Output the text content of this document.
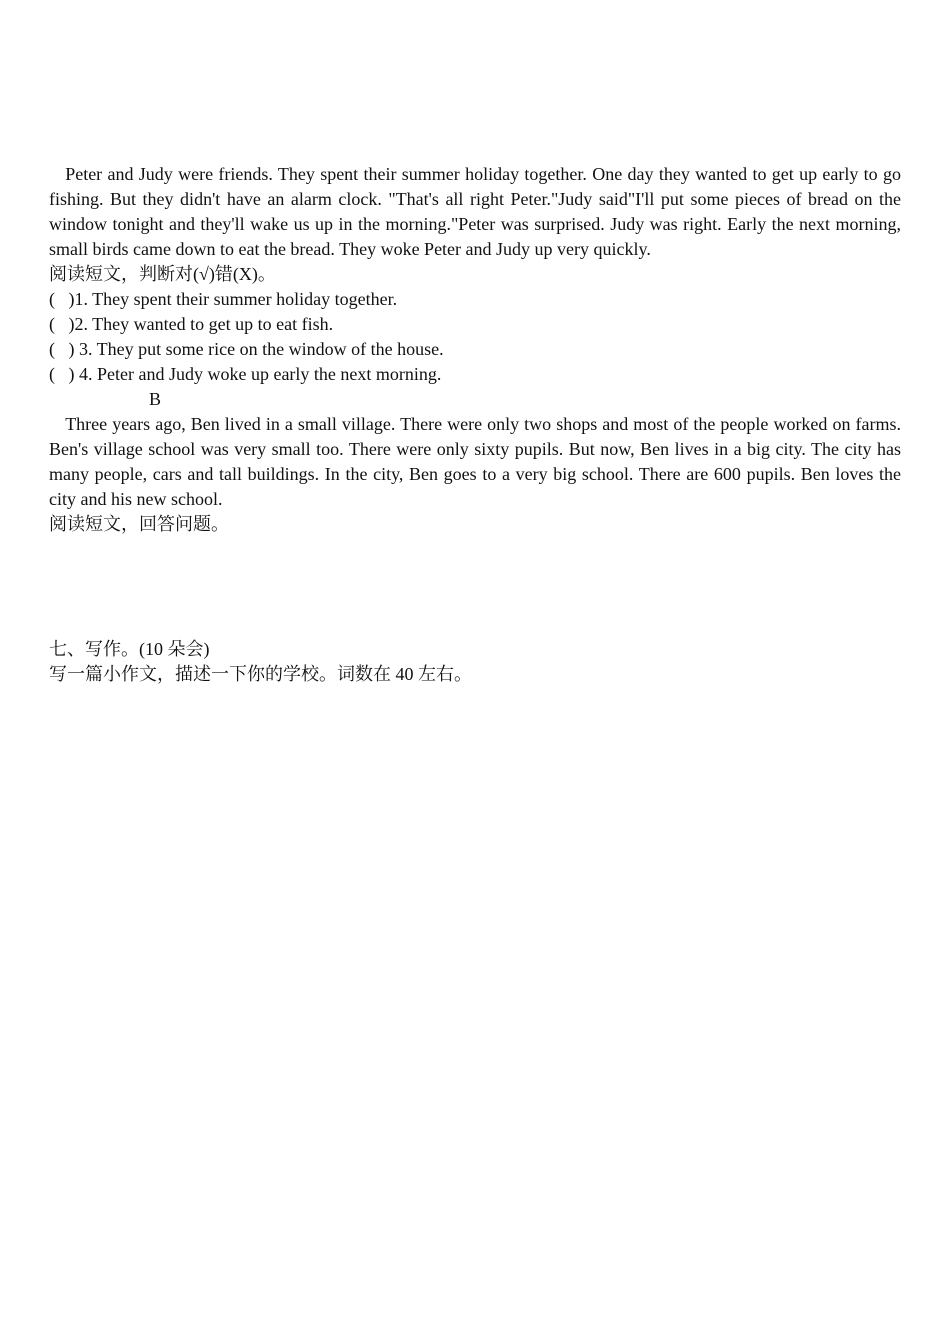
Peter and Judy were friends. They spent their summer holiday together. One day they wanted to get up early to go fishing. But they didn't have an alarm clock. "That's all right Peter."Judy said"I'll put some pieces of bread on the window tonight and they'll wake us up in the morning."Peter was surprised. Judy was right. Early the next morning, small birds came down to eat the bread. They woke Peter and Judy up very quickly.

阅读短文，判断对(√)错(X)。
(   )1. They spent their summer holiday together.
(   )2. They wanted to get up to eat fish.
(   ) 3. They put some rice on the window of the house.
(   ) 4. Peter and Judy woke up early the next morning.
B

Three years ago, Ben lived in a small village. There were only two shops and most of the people worked on farms. Ben's village school was very small too. There were only sixty pupils. But now, Ben lives in a big city. The city has many people, cars and tall buildings. In the city, Ben goes to a very big school. There are 600 pupils. Ben loves the city and his new school.

阅读短文，回答问题。

七、写作。(10 朵会)
写一篇小作文，描述一下你的学校。词数在 40 左右。
